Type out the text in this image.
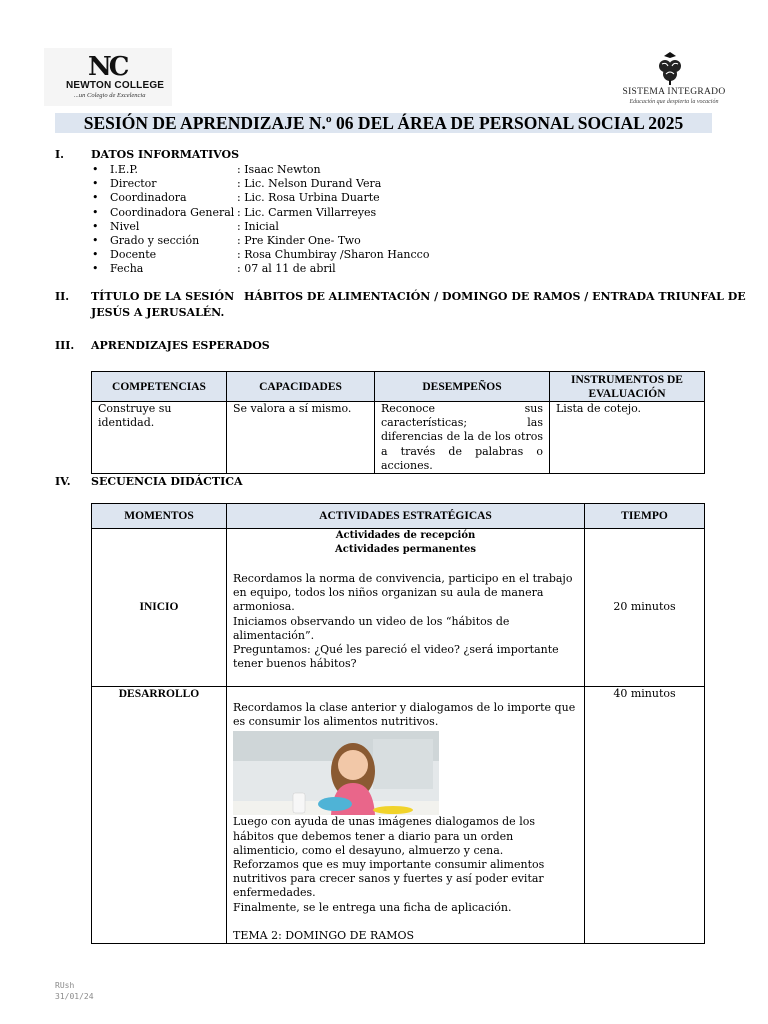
NC
NEWTON COLLEGE
...un Colegio de Excelencia	SISTEMA INTEGRADO
Educación que despierta la vocación
SESIÓN DE APRENDIZAJE N.º 06 DEL ÁREA DE PERSONAL SOCIAL 2025
I. DATOS INFORMATIVOS
• I.E.P.	: Isaac Newton
• Director	: Lic. Nelson Durand Vera
• Coordinadora	: Lic. Rosa Urbina Duarte
• Coordinadora General : Lic. Carmen Villarreyes
• Nivel	: Inicial
• Grado y sección	: Pre Kinder One- Two
• Docente	: Rosa Chumbiray /Sharon Hancco
• Fecha	: 07 al 11 de abril
II. TÍTULO DE LA SESIÓN HÁBITOS DE ALIMENTACIÓN / DOMINGO DE RAMOS / ENTRADA TRIUNFAL DE
JESÚS A JERUSALÉN.
III. APRENDIZAJES ESPERADOS
COMPETENCIAS	CAPACIDADES	DESEMPEÑOS	INSTRUMENTOS DE EVALUACIÓN
Construye su identidad.	Se valora a sí mismo.	Reconoce sus características; las diferencias de la de los otros a través de palabras o acciones.	Lista de cotejo.
IV. SECUENCIA DIDÁCTICA
MOMENTOS	ACTIVIDADES ESTRATÉGICAS	TIEMPO
INICIO	Actividades de recepción
Actividades permanentes

Recordamos la norma de convivencia, participo en el trabajo en equipo, todos los niños organizan su aula de manera armoniosa.

Iniciamos observando un video de los “hábitos de alimentación”.

Preguntamos: ¿Qué les pareció el video? ¿será importante tener buenos hábitos?	20 minutos
DESARROLLO	Recordamos la clase anterior y dialogamos de lo importe que es consumir los alimentos nutritivos.

Luego con ayuda de unas imágenes dialogamos de los hábitos que debemos tener a diario para un orden alimenticio, como el desayuno, almuerzo y cena.

Reforzamos que es muy importante consumir alimentos nutritivos para crecer sanos y fuertes y así poder evitar enfermedades.

Finalmente, se le entrega una ficha de aplicación.

TEMA 2: DOMINGO DE RAMOS	40 minutos
RUsh
31/01/24
